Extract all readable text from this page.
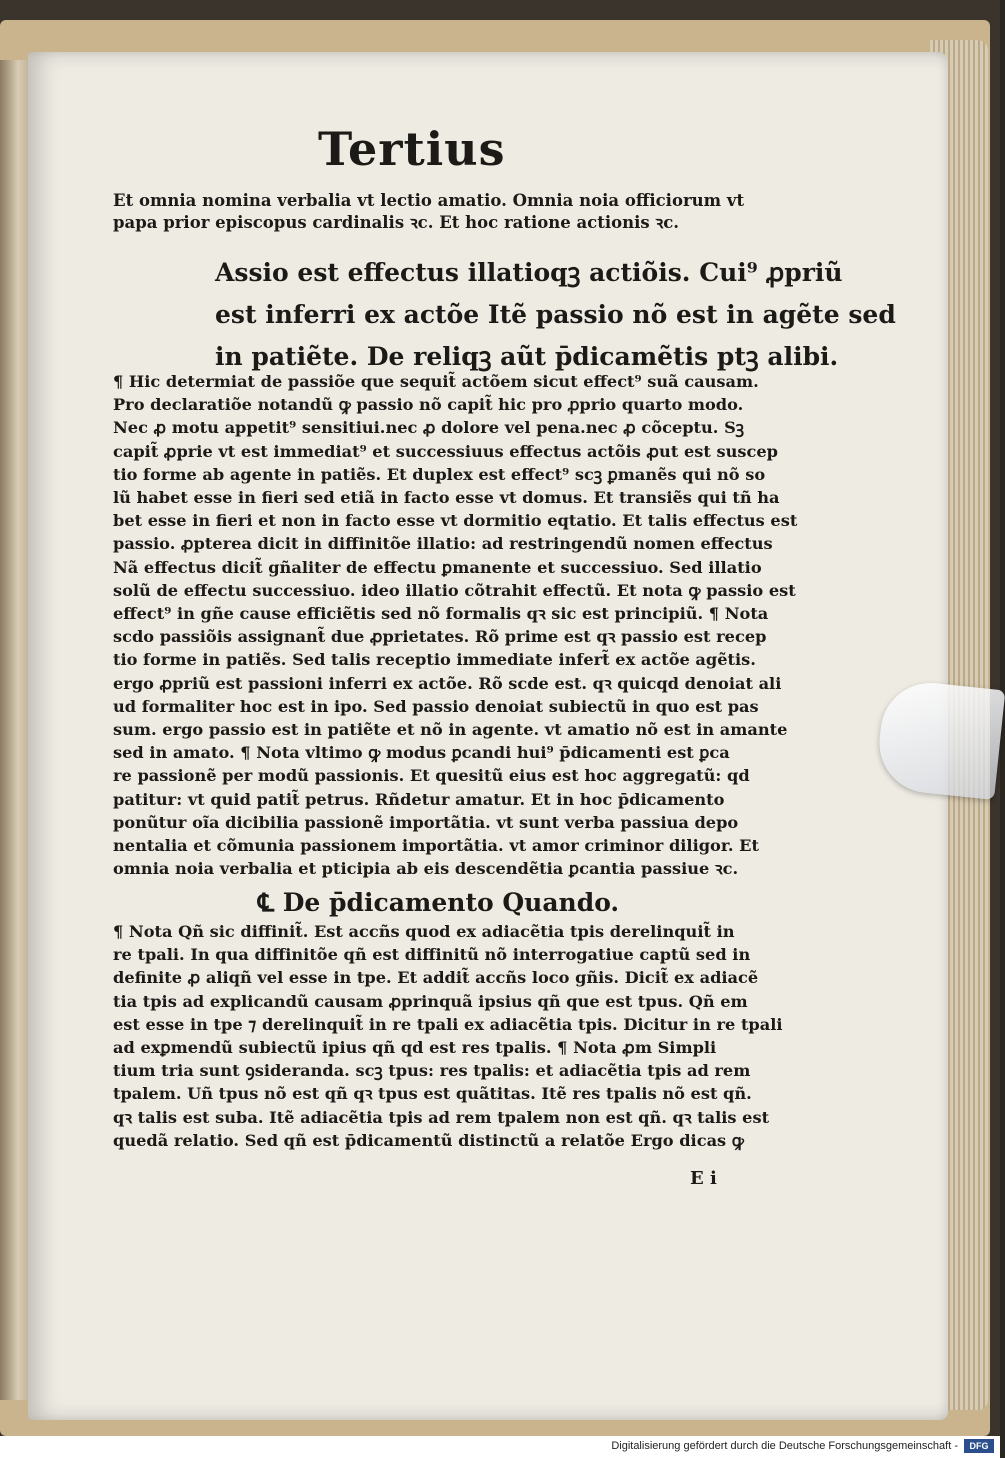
Tertius
Et omnia nomina verbalia vt lectio amatio. Omnia noia officiorum vt
papa prior episcopus cardinalis ꝛc. Et hoc ratione actionis ꝛc.
Assio est effectus illatioqꝫ actiõis. Cui⁹ ꝓpriũ
est inferri ex actõe Itẽ passio nõ est in agẽte sed
in patiẽte. De reliqꝫ aũt p̄dicamẽtis ptꝫ alibi.
¶ Hic determiat de passiõe que sequit̃ actõem sicut effect⁹ suã causam.
Pro declaratiõe notandũ ꝙ passio nõ capit̃ hic pro ꝓprio quarto modo.
Nec ꝓ motu appetit⁹ sensitiui.nec ꝓ dolore vel pena.nec ꝓ cõceptu. Sꝫ
capit̃ ꝓprie vt est immediat⁹ et successiuus effectus actõis ꝓut est suscep
tio forme ab agente in patiẽs. Et duplex est effect⁹ scꝫ ꝑmanẽs qui nõ so
lũ habet esse in fieri sed etiã in facto esse vt domus. Et transiẽs qui tñ ha
bet esse in fieri et non in facto esse vt dormitio eqtatio. Et talis effectus est
passio. ꝓpterea dicit in diffinitõe illatio: ad restringendũ nomen effectus
Nã effectus dicit̃ gñaliter de effectu ꝑmanente et successiuo. Sed illatio
solũ de effectu successiuo. ideo illatio cõtrahit effectũ. Et nota ꝙ passio est
effect⁹ in gñe cause efficiẽtis sed nõ formalis qꝛ sic est principiũ. ¶ Nota
scdo passiõis assignant̃ due ꝓprietates. Rõ prime est qꝛ passio est recep
tio forme in patiẽs. Sed talis receptio immediate infert̃ ex actõe agẽtis.
ergo ꝓpriũ est passioni inferri ex actõe. Rõ scde est. qꝛ quicqd denoiat ali
ud formaliter hoc est in ipo. Sed passio denoiat subiectũ in quo est pas
sum. ergo passio est in patiẽte et nõ in agente. vt amatio nõ est in amante
sed in amato. ¶ Nota vltimo ꝙ modus ꝑcandi hui⁹ p̄dicamenti est ꝑca
re passionẽ per modũ passionis. Et quesitũ eius est hoc aggregatũ: qd
patitur: vt quid patit̃ petrus. Rñdetur amatur. Et in hoc p̄dicamento
ponũtur oĩa dicibilia passionẽ importãtia. vt sunt verba passiua depo
nentalia et cõmunia passionem importãtia. vt amor criminor diligor. Et
omnia noia verbalia et pticipia ab eis descendẽtia ꝑcantia passiue ꝛc.
℄ De p̄dicamento Quando.
¶ Nota Qñ sic diffinit̃. Est accñs quod ex adiacẽtia tpis derelinquit̃ in
re tpali. In qua diffinitõe qñ est diffinitũ nõ interrogatiue captũ sed in
definite ꝓ aliqñ vel esse in tpe. Et addit̃ accñs loco gñis. Dicit̃ ex adiacẽ
tia tpis ad explicandũ causam ꝓprinquã ipsius qñ que est tpus. Qñ em
est esse in tpe ⁊ derelinquit̃ in re tpali ex adiacẽtia tpis. Dicitur in re tpali
ad exꝑmendũ subiectũ ipius qñ qd est res tpalis. ¶ Nota ꝓm Simpli
tium tria sunt ꝯsideranda. scꝫ tpus: res tpalis: et adiacẽtia tpis ad rem
tpalem. Uñ tpus nõ est qñ qꝛ tpus est quãtitas. Itẽ res tpalis nõ est qñ.
qꝛ talis est suba. Itẽ adiacẽtia tpis ad rem tpalem non est qñ. qꝛ talis est
quedã relatio. Sed qñ est p̄dicamentũ distinctũ a relatõe Ergo dicas ꝙ
E i
Digitalisierung gefördert durch die Deutsche Forschungsgemeinschaft -	DFG
